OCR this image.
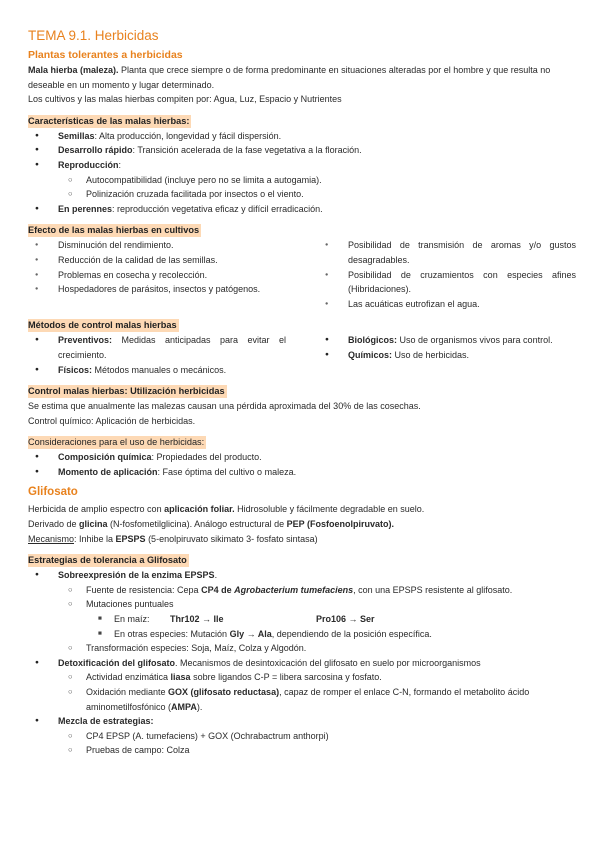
TEMA 9.1. Herbicidas
Plantas tolerantes a herbicidas

Mala hierba (maleza). Planta que crece siempre o de forma predominante en situaciones alteradas por el hombre y que resulta no deseable en un momento y lugar determinado.

Los cultivos y las malas hierbas compiten por: Agua, Luz, Espacio y Nutrientes

Características de las malas hierbas:
● Semillas: Alta producción, longevidad y fácil dispersión.
● Desarrollo rápido: Transición acelerada de la fase vegetativa a la floración.
● Reproducción:
○ Autocompatibilidad (incluye pero no se limita a autogamia).
○ Polinización cruzada facilitada por insectos o el viento.
● En perennes: reproducción vegetativa eficaz y difícil erradicación.
Efecto de las malas hierbas en cultivos
● Disminución del rendimiento.
● Reducción de la calidad de las semillas.
● Problemas en cosecha y recolección.
● Hospedadores de parásitos, insectos y patógenos.
● Posibilidad de transmisión de aromas y/o gustos desagradables.
● Posibilidad de cruzamientos con especies afines (Hibridaciones).
● Las acuáticas eutrofizan el agua.
Métodos de control malas hierbas
● Preventivos: Medidas anticipadas para evitar el crecimiento.
● Físicos: Métodos manuales o mecánicos.
● Biológicos: Uso de organismos vivos para control.
● Químicos: Uso de herbicidas.
Control malas hierbas: Utilización herbicidas

Se estima que anualmente las malezas causan una pérdida aproximada del 30% de las cosechas.

Control químico: Aplicación de herbicidas.

Consideraciones para el uso de herbicidas:
● Composición química: Propiedades del producto.
● Momento de aplicación: Fase óptima del cultivo o maleza.
Glifosato

Herbicida de amplio espectro con aplicación foliar. Hidrosoluble y fácilmente degradable en suelo.

Derivado de glicina (N-fosfometilglicina). Análogo estructural de PEP (Fosfoenolpiruvato).

Mecanismo: Inhibe la EPSPS (5-enolpiruvato sikimato 3- fosfato sintasa)

Estrategias de tolerancia a Glifosato
● Sobreexpresión de la enzima EPSPS.
○ Fuente de resistencia: Cepa CP4 de Agrobacterium tumefaciens, con una EPSPS resistente al glifosato.
○ Mutaciones puntuales
■ En maíz: Thr102 → Ile	Pro106 → Ser
■ En otras especies: Mutación Gly → Ala, dependiendo de la posición específica.
○ Transformación especies: Soja, Maíz, Colza y Algodón.
● Detoxificación del glifosato. Mecanismos de desintoxicación del glifosato en suelo por microorganismos
○ Actividad enzimática liasa sobre ligandos C-P = libera sarcosina y fosfato.
○ Oxidación mediante GOX (glifosato reductasa), capaz de romper el enlace C-N, formando el metabolito ácido aminometilfosfónico (AMPA).
● Mezcla de estrategias:
○ CP4 EPSP (A. tumefaciens) + GOX (Ochrabactrum anthorpi)
○ Pruebas de campo: Colza
